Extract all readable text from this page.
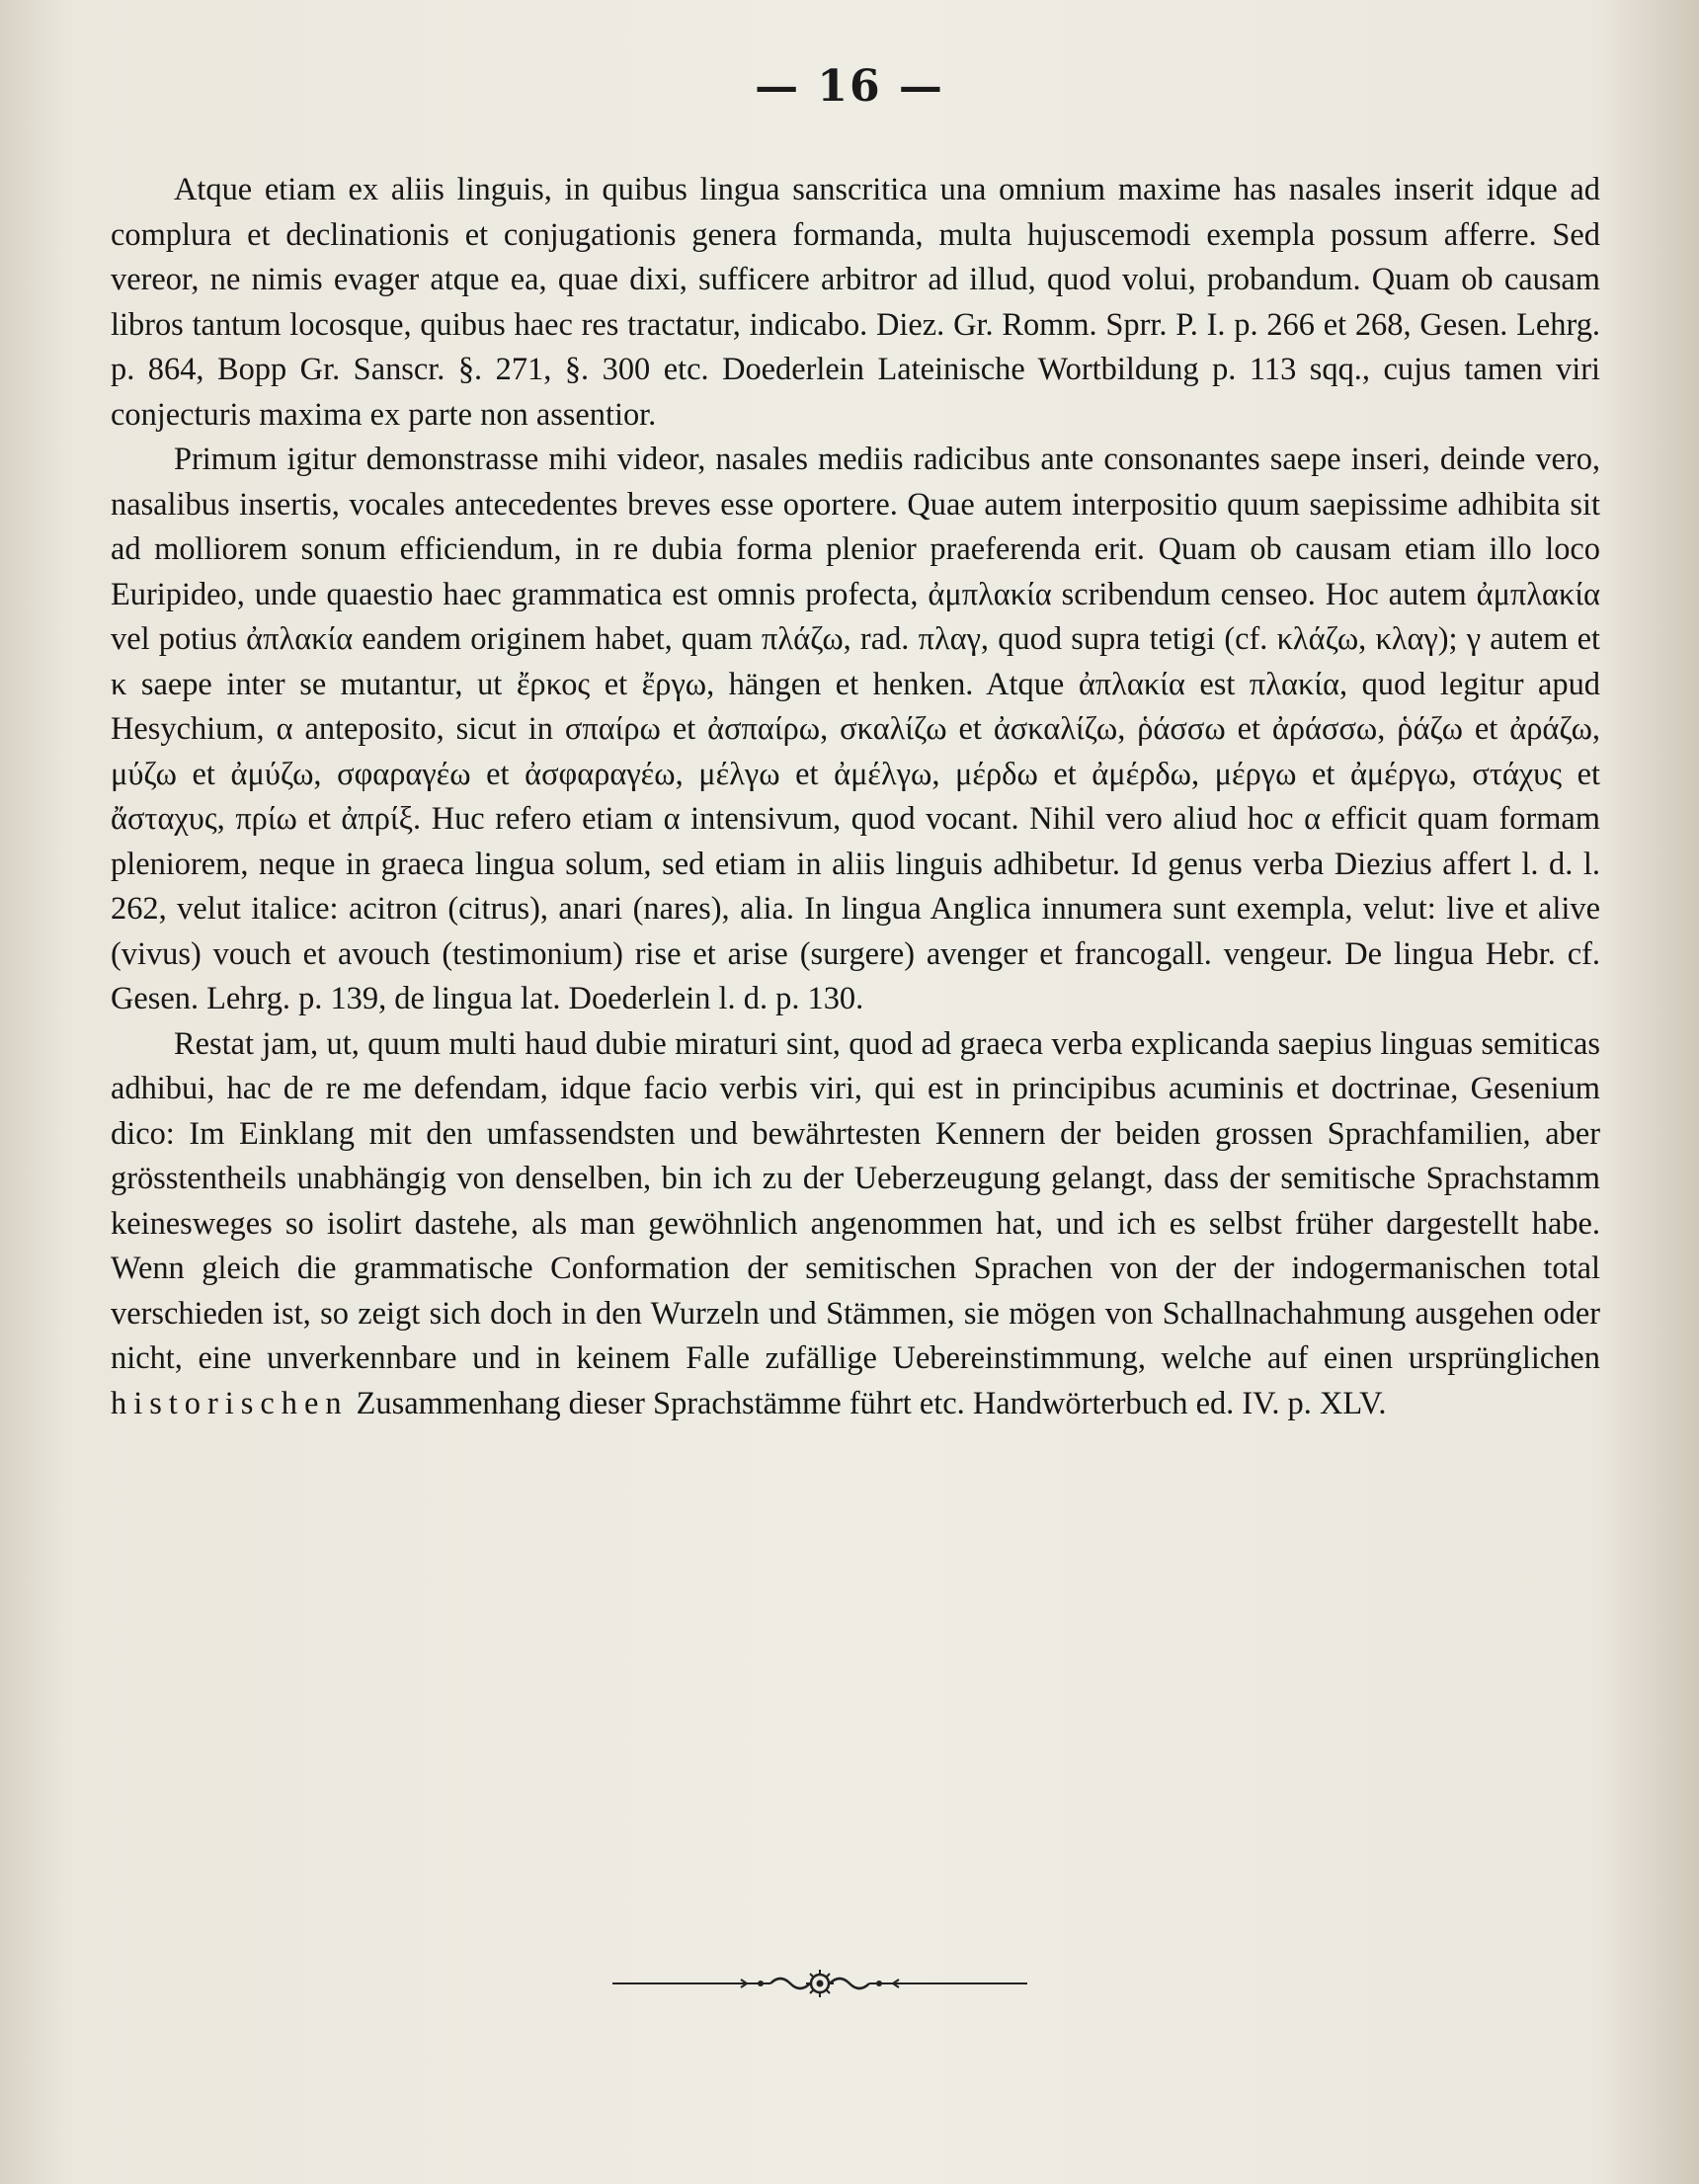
— 16 —

Atque etiam ex aliis linguis, in quibus lingua sanscritica una omnium maxime has nasales inserit idque ad complura et declinationis et conjugationis genera formanda, multa hujuscemodi exempla possum afferre. Sed vereor, ne nimis evager atque ea, quae dixi, sufficere arbitror ad illud, quod volui, probandum. Quam ob causam libros tantum locosque, quibus haec res tractatur, indicabo. Diez. Gr. Romm. Sprr. P. I. p. 266 et 268, Gesen. Lehrg. p. 864, Bopp Gr. Sanscr. §. 271, §. 300 etc. Doederlein Lateinische Wortbildung p. 113 sqq., cujus tamen viri conjecturis maxima ex parte non assentior.

Primum igitur demonstrasse mihi videor, nasales mediis radicibus ante consonantes saepe inseri, deinde vero, nasalibus insertis, vocales antecedentes breves esse oportere. Quae autem interpositio quum saepissime adhibita sit ad molliorem sonum efficiendum, in re dubia forma plenior praeferenda erit. Quam ob causam etiam illo loco Euripideo, unde quaestio haec grammatica est omnis profecta, ἀμπλακία scribendum censeo. Hoc autem ἀμπλακία vel potius ἀπλακία eandem originem habet, quam πλάζω, rad. πλαγ, quod supra tetigi (cf. κλάζω, κλαγ); γ autem et κ saepe inter se mutantur, ut ἔρκος et ἔργω, hängen et henken. Atque ἀπλακία est πλακία, quod legitur apud Hesychium, α anteposito, sicut in σπαίρω et ἀσπαίρω, σκαλίζω et ἀσκαλίζω, ῥάσσω et ἀράσσω, ῥάζω et ἀράζω, μύζω et ἀμύζω, σφαραγέω et ἀσφαραγέω, μέλγω et ἀμέλγω, μέρδω et ἀμέρδω, μέργω et ἀμέργω, στάχυς et ἄσταχυς, πρίω et ἀπρίξ. Huc refero etiam α intensivum, quod vocant. Nihil vero aliud hoc α efficit quam formam pleniorem, neque in graeca lingua solum, sed etiam in aliis linguis adhibetur. Id genus verba Diezius affert l. d. l. 262, velut italice: acitron (citrus), anari (nares), alia. In lingua Anglica innumera sunt exempla, velut: live et alive (vivus) vouch et avouch (testimonium) rise et arise (surgere) avenger et francogall. vengeur. De lingua Hebr. cf. Gesen. Lehrg. p. 139, de lingua lat. Doederlein l. d. p. 130.

Restat jam, ut, quum multi haud dubie miraturi sint, quod ad graeca verba explicanda saepius linguas semiticas adhibui, hac de re me defendam, idque facio verbis viri, qui est in principibus acuminis et doctrinae, Gesenium dico: Im Einklang mit den umfassendsten und bewährtesten Kennern der beiden grossen Sprachfamilien, aber grösstentheils unabhängig von denselben, bin ich zu der Ueberzeugung gelangt, dass der semitische Sprachstamm keinesweges so isolirt dastehe, als man gewöhnlich angenommen hat, und ich es selbst früher dargestellt habe. Wenn gleich die grammatische Conformation der semitischen Sprachen von der der indogermanischen total verschieden ist, so zeigt sich doch in den Wurzeln und Stämmen, sie mögen von Schallnachahmung ausgehen oder nicht, eine unverkennbare und in keinem Falle zufällige Uebereinstimmung, welche auf einen ursprünglichen historischen Zusammenhang dieser Sprachstämme führt etc. Handwörterbuch ed. IV. p. XLV.
